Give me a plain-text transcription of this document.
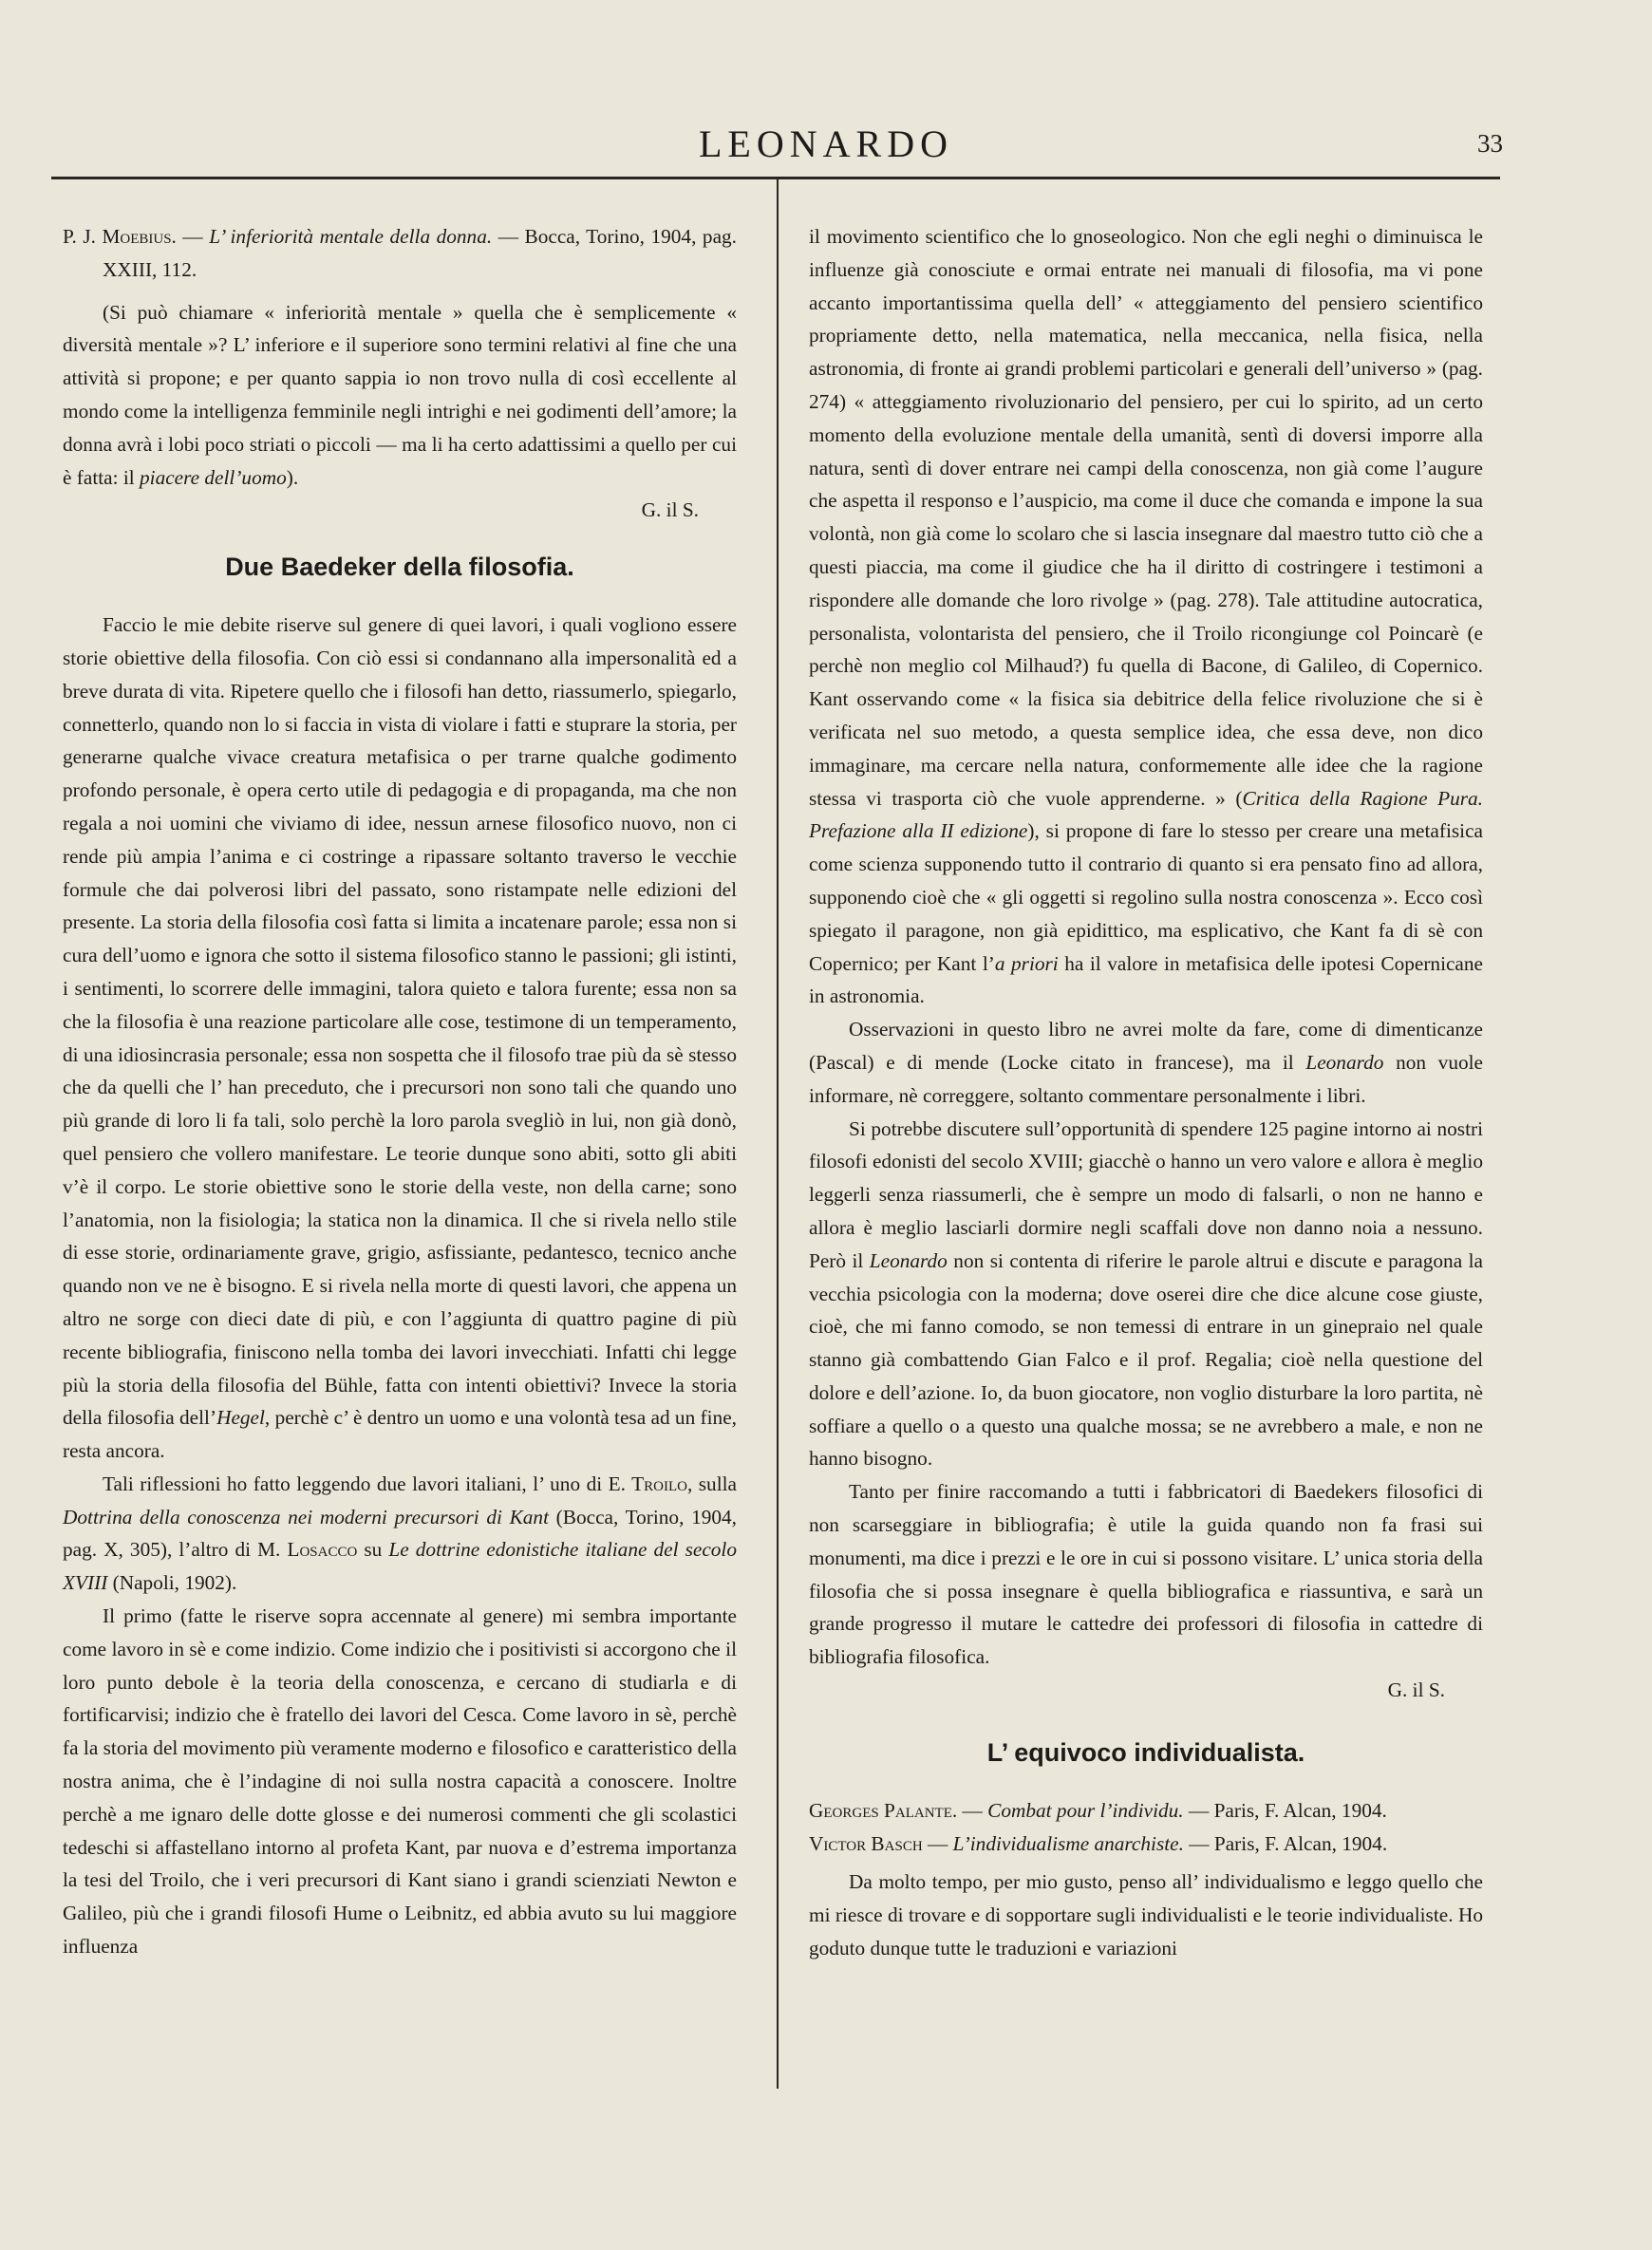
LEONARDO	33

P. J. Moebius. — L’ inferiorità mentale della donna. — Bocca, Torino, 1904, pag. XXIII, 112.

(Si può chiamare « inferiorità mentale » quella che è semplicemente « diversità mentale »? L’ inferiore e il superiore sono termini relativi al fine che una attività si propone; e per quanto sappia io non trovo nulla di così eccellente al mondo come la intelligenza femminile negli intrighi e nei godimenti dell’amore; la donna avrà i lobi poco striati o piccoli — ma li ha certo adattissimi a quello per cui è fatta: il piacere dell’uomo).
G. il S.

Due Baedeker della filosofia.

Faccio le mie debite riserve sul genere di quei lavori, i quali vogliono essere storie obiettive della filosofia. Con ciò essi si condannano alla impersonalità ed a breve durata di vita. Ripetere quello che i filosofi han detto, riassumerlo, spiegarlo, connetterlo, quando non lo si faccia in vista di violare i fatti e stuprare la storia, per generarne qualche vivace creatura metafisica o per trarne qualche godimento profondo personale, è opera certo utile di pedagogia e di propaganda, ma che non regala a noi uomini che viviamo di idee, nessun arnese filosofico nuovo, non ci rende più ampia l’anima e ci costringe a ripassare soltanto traverso le vecchie formule che dai polverosi libri del passato, sono ristampate nelle edizioni del presente. La storia della filosofia così fatta si limita a incatenare parole; essa non si cura dell’uomo e ignora che sotto il sistema filosofico stanno le passioni; gli istinti, i sentimenti, lo scorrere delle immagini, talora quieto e talora furente; essa non sa che la filosofia è una reazione particolare alle cose, testimone di un temperamento, di una idiosincrasia personale; essa non sospetta che il filosofo trae più da sè stesso che da quelli che l’ han preceduto, che i precursori non sono tali che quando uno più grande di loro li fa tali, solo perchè la loro parola svegliò in lui, non già donò, quel pensiero che vollero manifestare. Le teorie dunque sono abiti, sotto gli abiti v’è il corpo. Le storie obiettive sono le storie della veste, non della carne; sono l’anatomia, non la fisiologia; la statica non la dinamica. Il che si rivela nello stile di esse storie, ordinariamente grave, grigio, asfissiante, pedantesco, tecnico anche quando non ve ne è bisogno. E si rivela nella morte di questi lavori, che appena un altro ne sorge con dieci date di più, e con l’aggiunta di quattro pagine di più recente bibliografia, finiscono nella tomba dei lavori invecchiati. Infatti chi legge più la storia della filosofia del Bühle, fatta con intenti obiettivi? Invece la storia della filosofia dell’Hegel, perchè c’ è dentro un uomo e una volontà tesa ad un fine, resta ancora.

Tali riflessioni ho fatto leggendo due lavori italiani, l’ uno di E. Troilo, sulla Dottrina della conoscenza nei moderni precursori di Kant (Bocca, Torino, 1904, pag. X, 305), l’altro di M. Losacco su Le dottrine edonistiche italiane del secolo XVIII (Napoli, 1902).

Il primo (fatte le riserve sopra accennate al genere) mi sembra importante come lavoro in sè e come indizio. Come indizio che i positivisti si accorgono che il loro punto debole è la teoria della conoscenza, e cercano di studiarla e di fortificarvisi; indizio che è fratello dei lavori del Cesca. Come lavoro in sè, perchè fa la storia del movimento più veramente moderno e filosofico e caratteristico della nostra anima, che è l’indagine di noi sulla nostra capacità a conoscere. Inoltre perchè a me ignaro delle dotte glosse e dei numerosi commenti che gli scolastici tedeschi si affastellano intorno al profeta Kant, par nuova e d’estrema importanza la tesi del Troilo, che i veri precursori di Kant siano i grandi scienziati Newton e Galileo, più che i grandi filosofi Hume o Leibnitz, ed abbia avuto su lui maggiore influenza

il movimento scientifico che lo gnoseologico. Non che egli neghi o diminuisca le influenze già conosciute e ormai entrate nei manuali di filosofia, ma vi pone accanto importantissima quella dell’ « atteggiamento del pensiero scientifico propriamente detto, nella matematica, nella meccanica, nella fisica, nella astronomia, di fronte ai grandi problemi particolari e generali dell’universo » (pag. 274) « atteggiamento rivoluzionario del pensiero, per cui lo spirito, ad un certo momento della evoluzione mentale della umanità, sentì di doversi imporre alla natura, sentì di dover entrare nei campi della conoscenza, non già come l’augure che aspetta il responso e l’auspicio, ma come il duce che comanda e impone la sua volontà, non già come lo scolaro che si lascia insegnare dal maestro tutto ciò che a questi piaccia, ma come il giudice che ha il diritto di costringere i testimoni a rispondere alle domande che loro rivolge » (pag. 278). Tale attitudine autocratica, personalista, volontarista del pensiero, che il Troilo ricongiunge col Poincarè (e perchè non meglio col Milhaud?) fu quella di Bacone, di Galileo, di Copernico. Kant osservando come « la fisica sia debitrice della felice rivoluzione che si è verificata nel suo metodo, a questa semplice idea, che essa deve, non dico immaginare, ma cercare nella natura, conformemente alle idee che la ragione stessa vi trasporta ciò che vuole apprenderne. » (Critica della Ragione Pura. Prefazione alla II edizione), si propone di fare lo stesso per creare una metafisica come scienza supponendo tutto il contrario di quanto si era pensato fino ad allora, supponendo cioè che « gli oggetti si regolino sulla nostra conoscenza ». Ecco così spiegato il paragone, non già epidittico, ma esplicativo, che Kant fa di sè con Copernico; per Kant l’a priori ha il valore in metafisica delle ipotesi Copernicane in astronomia.

Osservazioni in questo libro ne avrei molte da fare, come di dimenticanze (Pascal) e di mende (Locke citato in francese), ma il Leonardo non vuole informare, nè correggere, soltanto commentare personalmente i libri.

Si potrebbe discutere sull’opportunità di spendere 125 pagine intorno ai nostri filosofi edonisti del secolo XVIII; giacchè o hanno un vero valore e allora è meglio leggerli senza riassumerli, che è sempre un modo di falsarli, o non ne hanno e allora è meglio lasciarli dormire negli scaffali dove non danno noia a nessuno. Però il Leonardo non si contenta di riferire le parole altrui e discute e paragona la vecchia psicologia con la moderna; dove oserei dire che dice alcune cose giuste, cioè, che mi fanno comodo, se non temessi di entrare in un ginepraio nel quale stanno già combattendo Gian Falco e il prof. Regalia; cioè nella questione del dolore e dell’azione. Io, da buon giocatore, non voglio disturbare la loro partita, nè soffiare a quello o a questo una qualche mossa; se ne avrebbero a male, e non ne hanno bisogno.

Tanto per finire raccomando a tutti i fabbricatori di Baedekers filosofici di non scarseggiare in bibliografia; è utile la guida quando non fa frasi sui monumenti, ma dice i prezzi e le ore in cui si possono visitare. L’ unica storia della filosofia che si possa insegnare è quella bibliografica e riassuntiva, e sarà un grande progresso il mutare le cattedre dei professori di filosofia in cattedre di bibliografia filosofica.
G. il S.

L’ equivoco individualista.

Georges Palante. — Combat pour l’individu. — Paris, F. Alcan, 1904.

Victor Basch — L’individualisme anarchiste. — Paris, F. Alcan, 1904.

Da molto tempo, per mio gusto, penso all’ individualismo e leggo quello che mi riesce di trovare e di sopportare sugli individualisti e le teorie individualiste. Ho goduto dunque tutte le traduzioni e variazioni
